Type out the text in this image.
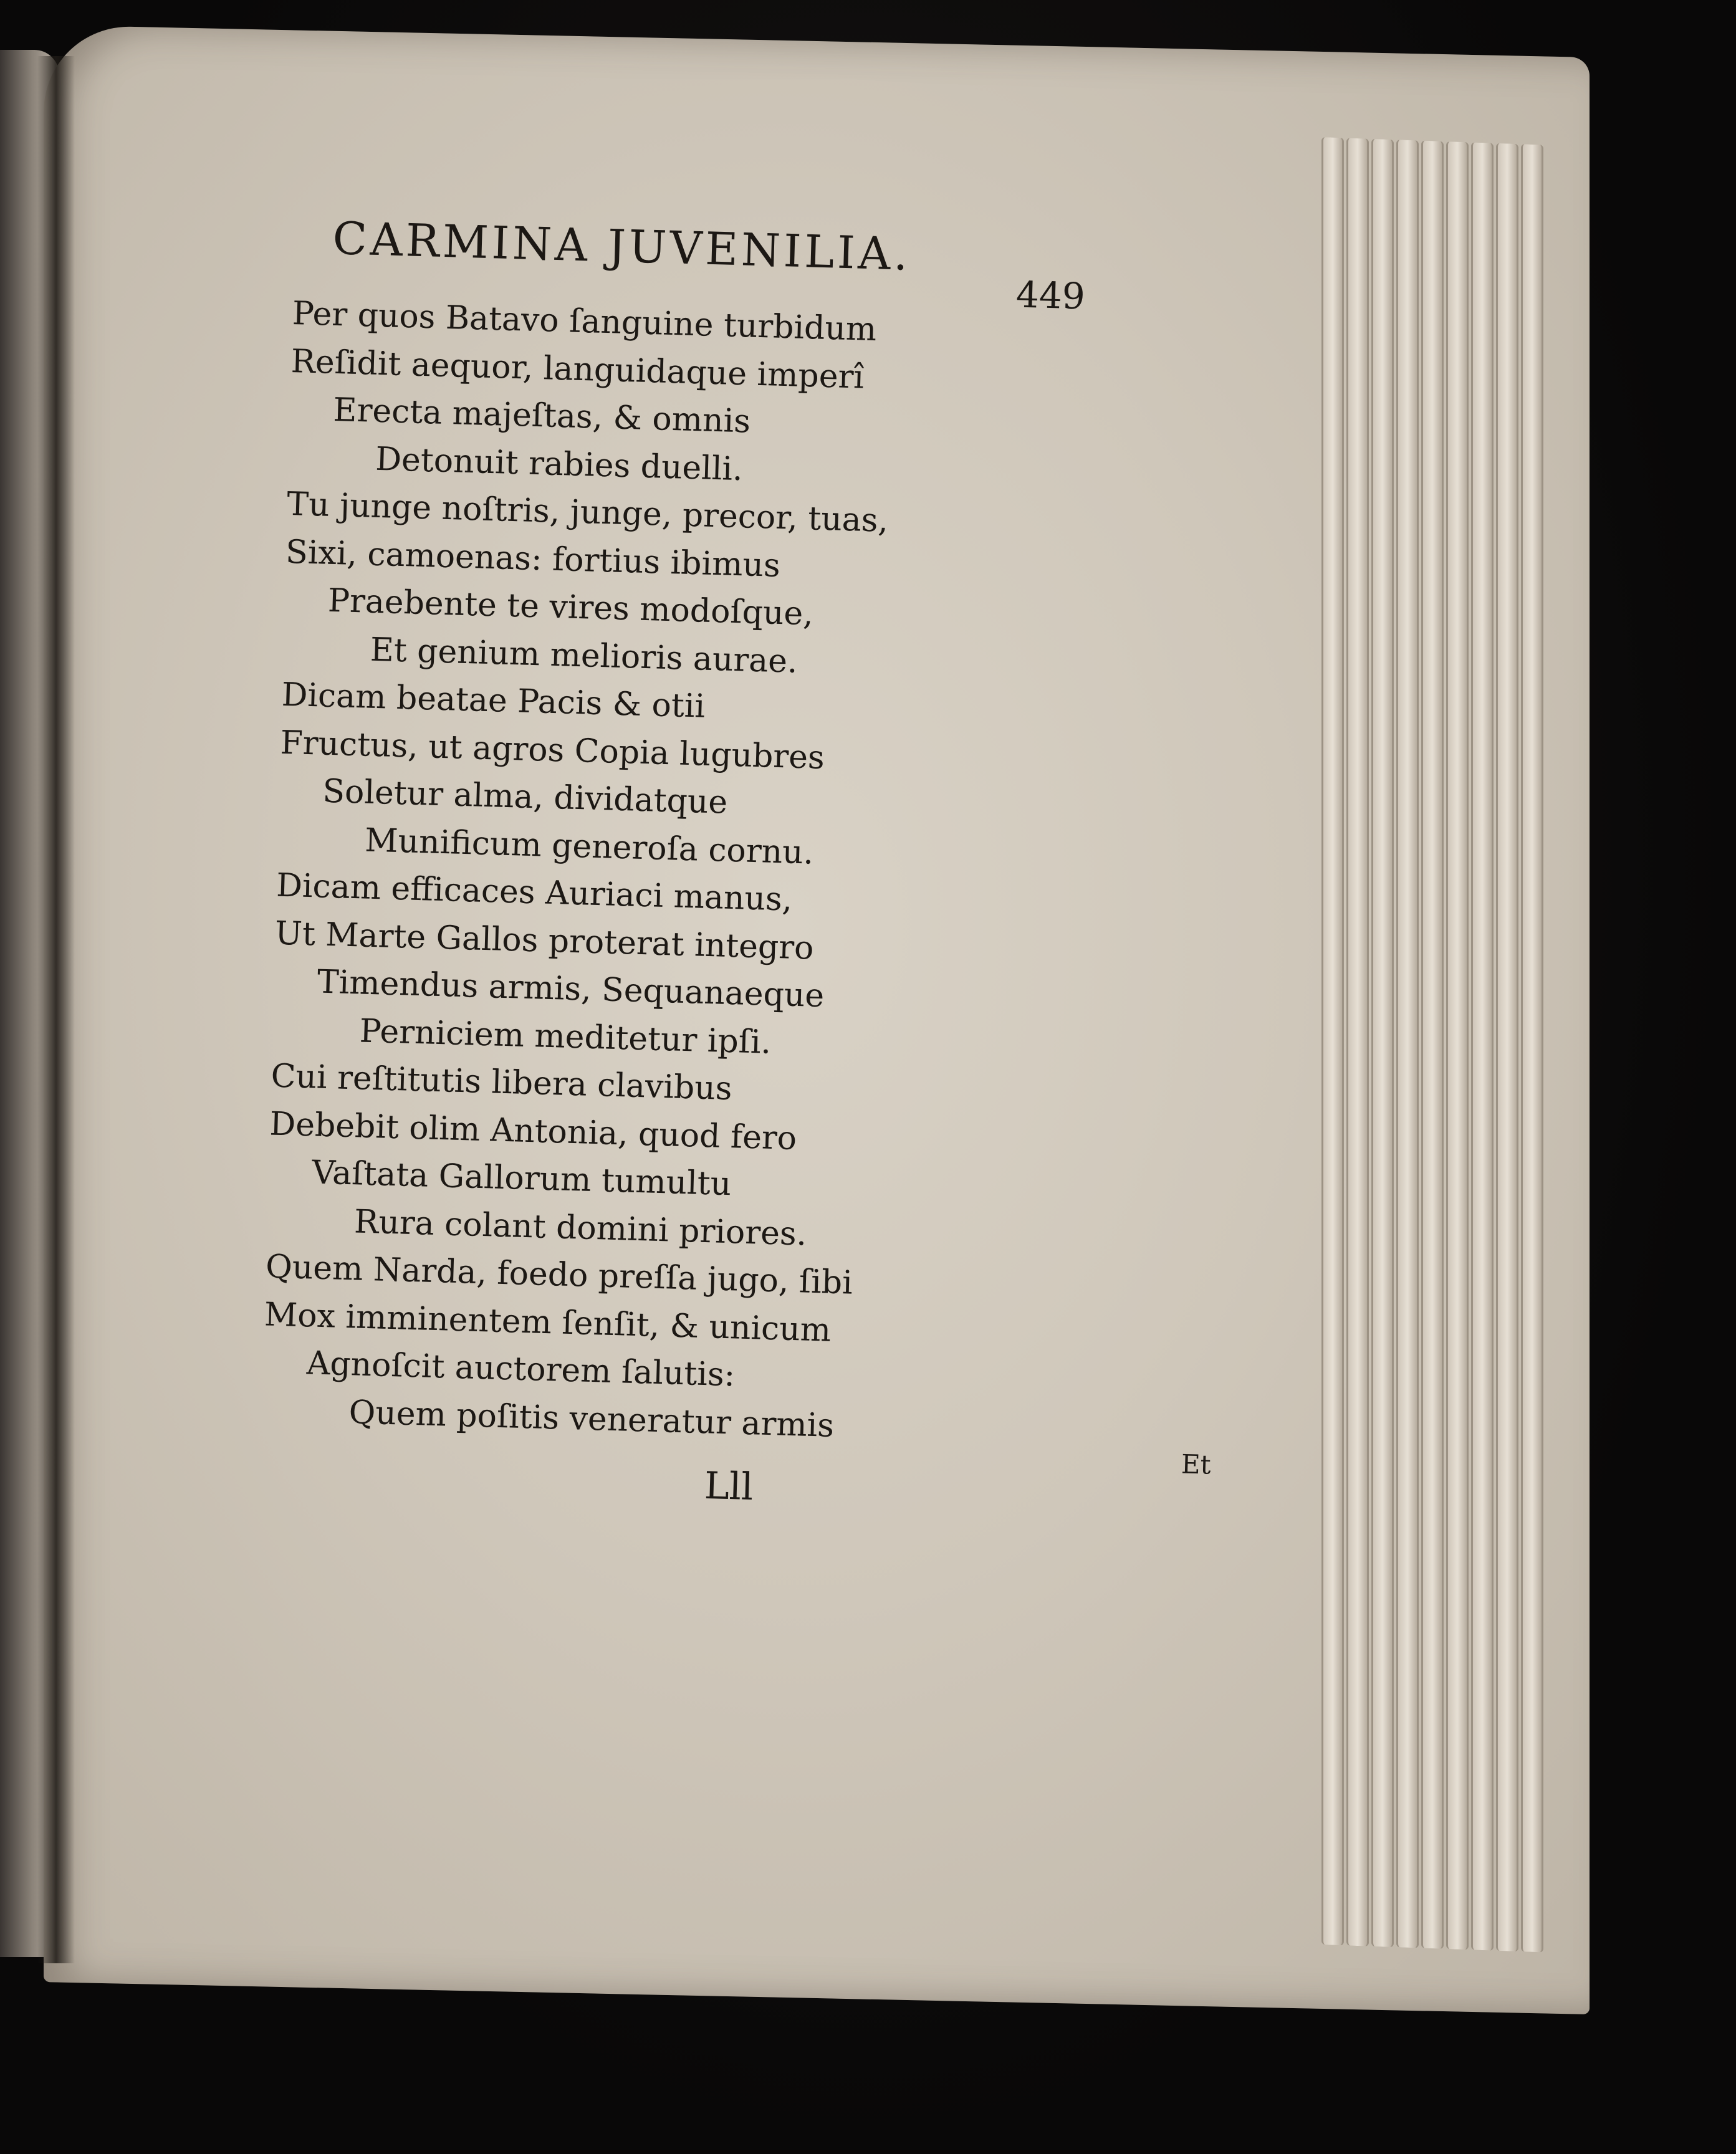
CARMINA JUVENILIA.
449
Per quos Batavo ſanguine turbidum
Reſidit aequor, languidaque imperî
Erecta majeſtas, & omnis
Detonuit rabies duelli.
Tu junge noſtris, junge, precor, tuas,
Sixi, camoenas: fortius ibimus
Praebente te vires modoſque,
Et genium melioris aurae.
Dicam beatae Pacis & otii
Fructus, ut agros Copia lugubres
Soletur alma, dividatque
Munificum generoſa cornu.
Dicam efficaces Auriaci manus,
Ut Marte Gallos proterat integro
Timendus armis, Sequanaeque
Perniciem meditetur ipſi.
Cui reſtitutis libera clavibus
Debebit olim Antonia, quod fero
Vaſtata Gallorum tumultu
Rura colant domini priores.
Quem Narda, foedo preſſa jugo, ſibi
Mox imminentem ſenſit, & unicum
Agnoſcit auctorem ſalutis:
Quem poſitis veneratur armis
Lll	Et
